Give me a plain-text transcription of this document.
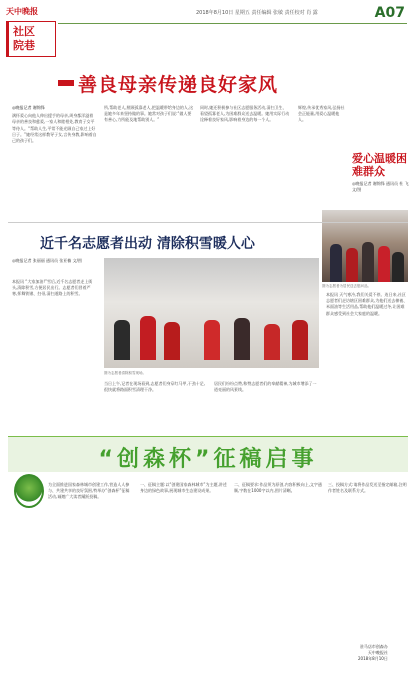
天中晚报
社区
院巷
2018年8月10日 星期五 责任编辑 张敏 责任校对 肖 露	A07
善良母亲传递良好家风
◎晚报记者 谢锦锋
满怀爱心向他人伸出援手的母亲,周身都洋溢着母亲的善良和慈爱,一家人和睦相处,教育子女平等待人。“帮助人生,平常不能光顾自己家过上好日子。”她经常这样教导子女,言传身教,影响着自己的孩子们。
所,帮助老人,照顾孤寡老人,把温暖带给身边的人,这是她多年来坚持做的事。她常对孩子们说:“做人要有善心,力所能及地帮助别人。”
同时,她还积极参与社区志愿服务活动,清扫卫生、看望孤寡老人,为困难群众送去温暖。她用实际行动诠释着良好家风,影响着身边的每一个人。
辉煌,传承优秀家风,弘扬社会正能量,用爱心温暖他人。
爱心温暖困难群众
◎晚报记者 谢锦锋 通讯员 杜 飞 文/图
图为志愿者为居民送去慰问品。
近千名志愿者出动 清除积雪暖人心
◎晚报记者 张丽丽 通讯员 张亚楠 文/图
本报讯 “大家加油!”雪后,近千名志愿者走上街头,清除积雪,方便居民出行。志愿者们冒着严寒,挥舞铁锹、扫帚,清扫道路上的积雪。
图为志愿者清除积雪现场。
当日上午,记者在现场看到,志愿者们身穿红马甲,干劲十足,很快就将路面积雪清理干净。
居民们纷纷点赞,称赞志愿者们的奉献精神,为城市增添了一道亮丽的风景线。
本报讯 天气寒冷,我们关爱不停。连日来,社区志愿者们走访辖区困难群众,为他们送去棉被、米面油等生活用品,帮助他们温暖过冬,让困难群众感受到社会大家庭的温暖。
“创森杯”征稿启事
为全面推进国家森林城市创建工作,营造人人参与、共建共享的良好氛围,特举办“创森杯”征稿活动,诚邀广大读者踊跃投稿。
一、征稿主题:以“创建国家森林城市”为主题,讲述身边的绿色故事,展现城市生态建设成果。
二、征稿要求:作品须为原创,内容积极向上,文字通顺,字数在1000字以内,图片清晰。
三、投稿方式:请将作品发送至指定邮箱,注明作者姓名及联系方式。
驻马店市创森办
天中晚报社
2018年8月10日
